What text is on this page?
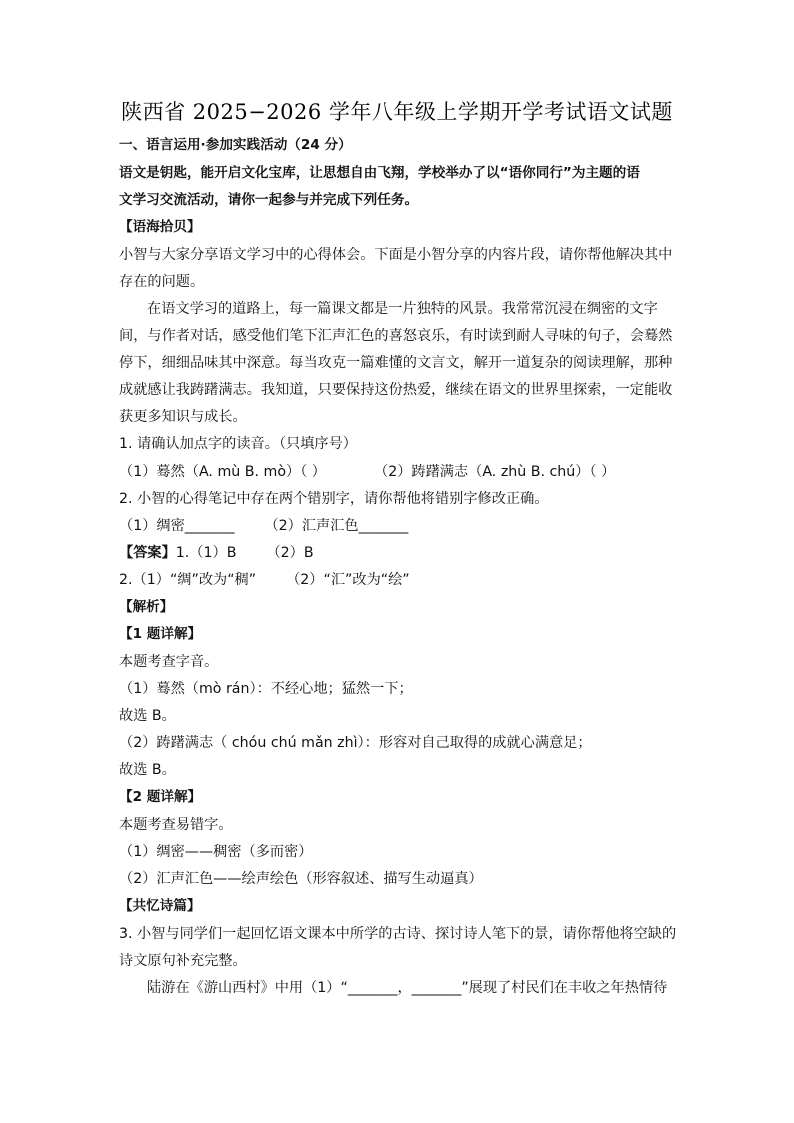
陕西省 2025−2026 学年八年级上学期开学考试语文试题
一、语言运用·参加实践活动（24 分）
语文是钥匙，能开启文化宝库，让思想自由飞翔，学校举办了以“语你同行”为主题的语
文学习交流活动，请你一起参与并完成下列任务。
【语海拾贝】
小智与大家分享语文学习中的心得体会。下面是小智分享的内容片段，请你帮他解决其中
存在的问题。
在语文学习的道路上，每一篇课文都是一片独特的风景。我常常沉浸在绸密的文字
间，与作者对话，感受他们笔下汇声汇色的喜怒哀乐，有时读到耐人寻味的句子，会蓦然
停下，细细品味其中深意。每当攻克一篇难懂的文言文，解开一道复杂的阅读理解，那种
成就感让我踌躇满志。我知道，只要保持这份热爱，继续在语文的世界里探索，一定能收
获更多知识与成长。
1. 请确认加点字的读音。（只填序号）
（1）蓦然（A. mù B. mò）（ ）	（2）踌躇满志（A. zhù B. chú）（ ）
2. 小智的心得笔记中存在两个错别字，请你帮他将错别字修改正确。
（1）绸密_______ （2）汇声汇色_______
【答案】1.（1）B （2）B
2.（1）“绸”改为“稠” （2）“汇”改为“绘”
【解析】
【1 题详解】
本题考查字音。
（1）蓦然（mò rán）：不经心地；猛然一下；
故选 B。
（2）踌躇满志（ chóu chú mǎn zhì）：形容对自己取得的成就心满意足；
故选 B。
【2 题详解】
本题考查易错字。
（1）绸密——稠密（多而密）
（2）汇声汇色——绘声绘色（形容叙述、描写生动逼真）
【共忆诗篇】
3. 小智与同学们一起回忆语文课本中所学的古诗、探讨诗人笔下的景，请你帮他将空缺的
诗文原句补充完整。
陆游在《游山西村》中用（1）“_______，_______”展现了村民们在丰收之年热情待
